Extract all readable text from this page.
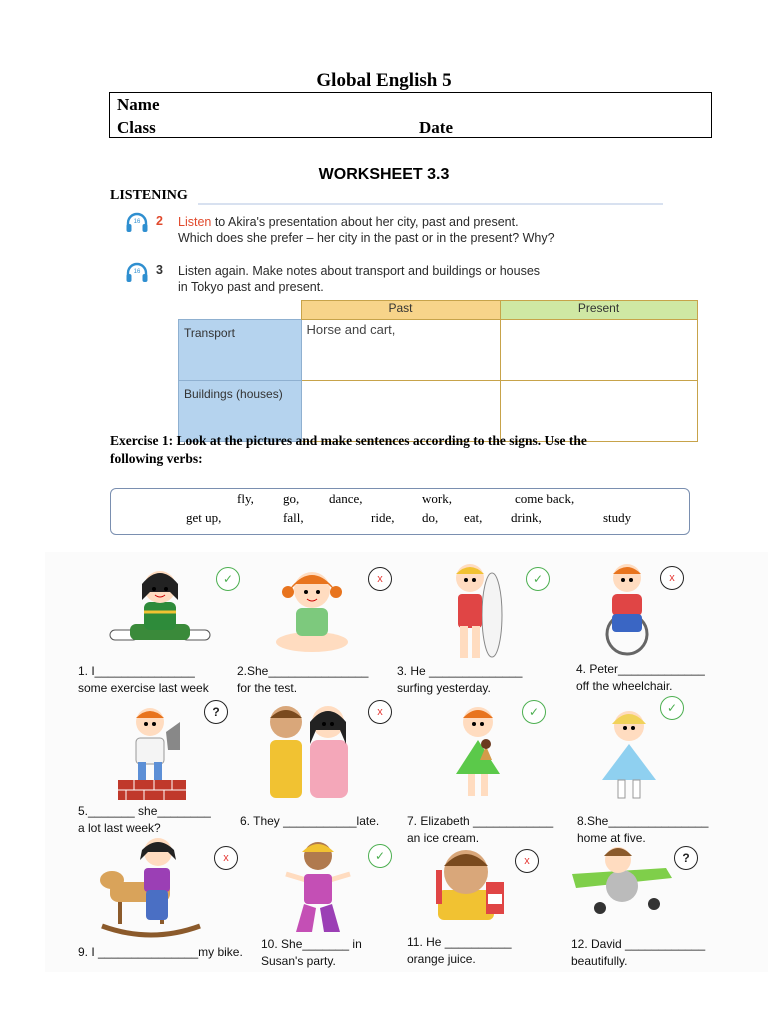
Global English 5
Name
Class	Date
WORKSHEET 3.3
LISTENING
16 2 Listen to Akira's presentation about her city, past and present.
Which does she prefer – her city in the past or in the present? Why?
16 3 Listen again. Make notes about transport and buildings or houses
in Tokyo past and present.
	Past	Present
Transport	Horse and cart,	
Buildings (houses)		
Exercise 1: Look at the pictures and make sentences according to the signs. Use the
following verbs:
fly, go, dance,	work,	come back,
get up,	fall,	ride, do, eat, drink,	study
✓	x	✓	x
1. I_______________
some exercise last week
2.She_______________
for the test.
3. He ______________
surfing yesterday.
4. Peter_____________
off the wheelchair.
?	x	✓	✓
5._______ she________
a lot last week?	6. They ___________late. 7. Elizabeth ____________
an ice cream.
8.She_______________
home at five.
x	✓	x	?
9. I _______________my bike.
10. She_______ in
Susan's party.
11. He __________
orange juice.
12. David ____________
beautifully.
